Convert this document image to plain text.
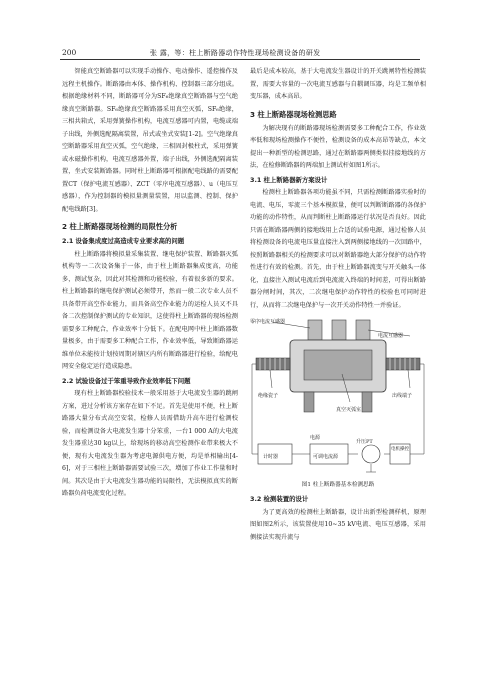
200	张 露，等：柱上断路器动作特性现场检测设备的研发

智能真空断路器可以实现手动操作、电动操作、遥控操作及远程主机操作。断路器由本体、操作机构、控制器三部分组成。根据绝缘材料不同，断路器可分为SF₆绝缘真空断路器与空气绝缘真空断路器。SF₆绝缘真空断路器采用真空灭弧，SF₆绝缘，三相共箱式，采用弹簧操作机构，电流互感器可内置，电缆或端子出线，外侧选配隔离装置，吊式或坐式安装[1-2]。空气绝缘真空断路器采用真空灭弧，空气绝缘，三相固封极柱式，采用弹簧或永磁操作机构，电流互感器外置，端子出线，外侧选配隔离装置，坐式安装断路器。同时柱上断路器可根据配电线路的需要配置CT（保护电流互感器）、ZCT（零序电流互感器）、u（电压互感器），作为控制器的模拟量测量装置，用以监测、控制、保护配电线路[3]。

2 柱上断路器现场检测的局限性分析
2.1 设备集成度过高造成专业要求高的问题

柱上断路器将模拟量采集装置、继电保护装置、断路器灭弧机构等一二次设备集于一体，由于柱上断路器集成度高，功能多，测试复杂，因此对其检测和功能校验，有着很多新的要求。柱上断路器的继电保护测试必须带开，然而一般二次专业人员不具备带开高空作业能力，而具备高空作业能力的运检人员又不具备二次控制保护测试的专业知识，这使得柱上断路器的现场检测需要多工种配合，作业效率十分低下。在配电网中柱上断路器数量极多，由于需要多工种配合工作，作业效率低，导致断路器运维单位未能按计划按周期对辖区内所有断路器进行检验，给配电网安全稳定运行造成隐患。

2.2 试验设备过于笨重导致作业效率低下问题

现有柱上断路器校验技术一般采用基于大电流发生器的跳闸方案，进过分析该方案存在如下不足。首先是使用不便，柱上断路器大量分布式高空安装，检修人员需借助升高车进行检测校验，而检测设备大电流发生器十分笨重，一台1 000 A的大电流发生器重达30 kg以上，给现场的移动高空检测作业带来极大不便，现有大电流发生器为考虑电源供电方便，均是单相输出[4-6]，对于三相柱上断路器需要试验三次，增加了作业工作量和时间。其次是由于大电流发生器功能的局限性，无法模拟真实的断路器负荷电流变化过程。

最后是成本较高，基于大电流发生器设计的开关跳闸特性检测装置，需要大容量的一次电流互感器与自耦调压器，均是工频单相变压器，成本高昂。

3 柱上断路器现场检测思路

为解决现有的断路器现场检测需要多工种配合工作，作业效率低和现场检测操作不便性，检测设备的成本高昂等缺点，本文提出一种新型的检测思路，通过在断路器两侧类似挂接地线的方法，在检修断路器的两端加上测试杆如图1所示。

3.1 柱上断路器新方案设计

检测柱上断路器各项功能虽不同，只需检测断路器实验时的电流、电压，零流三个基本模拟量，便可以判断断路器的各保护功能的动作特性，从而判断柱上断路器运行状况是否良好。因此只需在断路器两侧的接地线用上合适的试验电源，通过检修人员将检测设备的电流电压量直接注入到两侧接地线的一次回路中，按照断路器相关的检测要求可以对断路器绝大部分保护的动作特性进行有效的检测。首先，由于柱上断路器流变与开关触头一体化，直接注入测试电流后到电流流入终端的时间差，可得出断路器分闸时间，其次，二次继电保护动作特性的校验也可同时进行，从而将二次继电保护与一次开关动作特性一并验证。

零序电流互感器
电流互感器
真空灭弧室
绝缘瓷子	出线端子
计时器	可调电流源
升压PT
电机操控
电源
图1 柱上断路器基本检测思路
3.2 检测装置的设计

为了更高效的检测柱上断路器，设计出新型检测样机，原理图如图2所示，该装置使用10~35 kV电流、电压互感器，采用侧接法实现升流与
